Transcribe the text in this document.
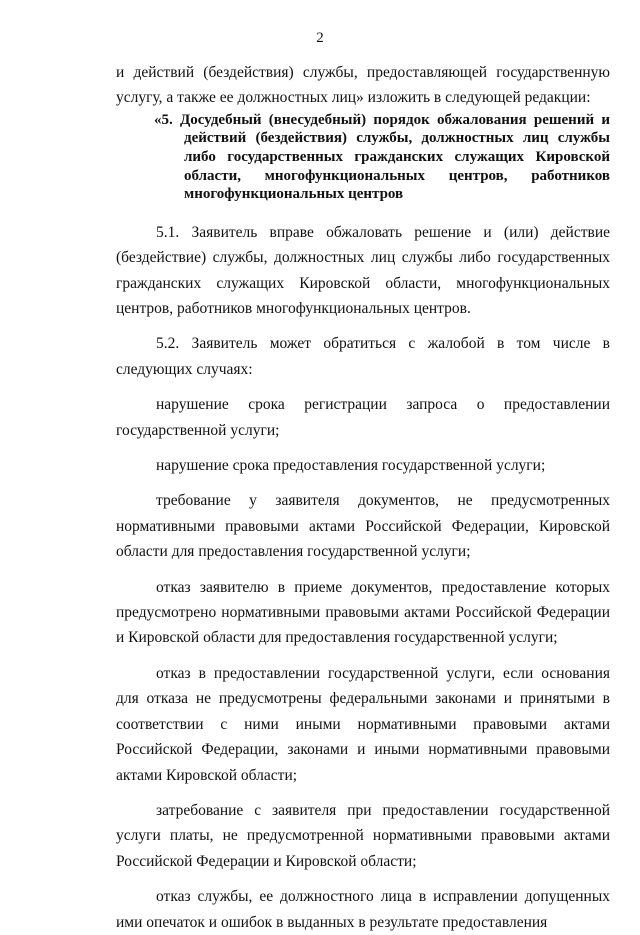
2

и действий (бездействия) службы, предоставляющей государственную услугу, а также ее должностных лиц» изложить в следующей редакции:

«5. Досудебный (внесудебный) порядок обжалования решений и действий (бездействия) службы, должностных лиц службы либо государственных гражданских служащих Кировской области, многофункциональных центров, работников многофункциональных центров

5.1. Заявитель вправе обжаловать решение и (или) действие (бездействие) службы, должностных лиц службы либо государственных гражданских служащих Кировской области, многофункциональных центров, работников многофункциональных центров.

5.2. Заявитель может обратиться с жалобой в том числе в следующих случаях:

нарушение срока регистрации запроса о предоставлении государственной услуги;

нарушение срока предоставления государственной услуги;

требование у заявителя документов, не предусмотренных нормативными правовыми актами Российской Федерации, Кировской области для предоставления государственной услуги;

отказ заявителю в приеме документов, предоставление которых предусмотрено нормативными правовыми актами Российской Федерации и Кировской области для предоставления государственной услуги;

отказ в предоставлении государственной услуги, если основания для отказа не предусмотрены федеральными законами и принятыми в соответствии с ними иными нормативными правовыми актами Российской Федерации, законами и иными нормативными правовыми актами Кировской области;

затребование с заявителя при предоставлении государственной услуги платы, не предусмотренной нормативными правовыми актами Российской Федерации и Кировской области;

отказ службы, ее должностного лица в исправлении допущенных ими опечаток и ошибок в выданных в результате предоставления
